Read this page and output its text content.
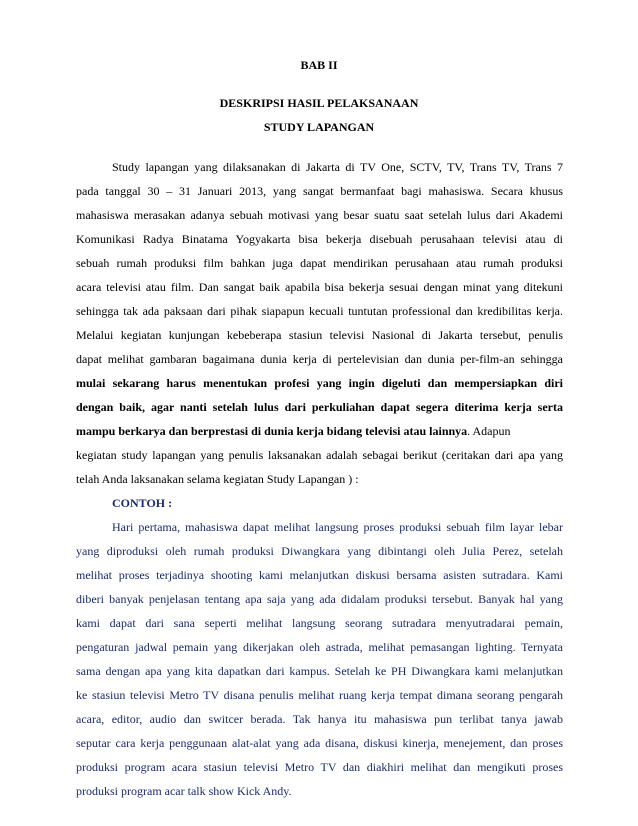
BAB II
DESKRIPSI HASIL PELAKSANAAN
STUDY LAPANGAN
Study lapangan yang dilaksanakan di Jakarta di TV One, SCTV, TV, Trans TV, Trans 7
pada tanggal 30 – 31 Januari 2013, yang sangat bermanfaat bagi mahasiswa. Secara khusus
mahasiswa merasakan adanya sebuah motivasi yang besar suatu saat setelah lulus dari Akademi
Komunikasi Radya Binatama Yogyakarta bisa bekerja disebuah perusahaan televisi atau di
sebuah rumah produksi film bahkan juga dapat mendirikan perusahaan atau rumah produksi
acara televisi atau film. Dan sangat baik apabila bisa bekerja sesuai dengan minat yang ditekuni
sehingga tak ada paksaan dari pihak siapapun kecuali tuntutan professional dan kredibilitas kerja.
Melalui kegiatan kunjungan kebeberapa stasiun televisi Nasional di Jakarta tersebut, penulis
dapat melihat gambaran bagaimana dunia kerja di pertelevisian dan dunia per-film-an sehingga
mulai sekarang harus menentukan profesi yang ingin digeluti dan mempersiapkan diri
dengan baik, agar nanti setelah lulus dari perkuliahan dapat segera diterima kerja serta
mampu berkarya dan berprestasi di dunia kerja bidang televisi atau lainnya. Adapun
kegiatan study lapangan yang penulis laksanakan adalah sebagai berikut (ceritakan dari apa yang
telah Anda laksanakan selama kegiatan Study Lapangan ) :
CONTOH :
Hari pertama, mahasiswa dapat melihat langsung proses produksi sebuah film layar lebar
yang diproduksi oleh rumah produksi Diwangkara yang dibintangi oleh Julia Perez, setelah
melihat proses terjadinya shooting kami melanjutkan diskusi bersama asisten sutradara. Kami
diberi banyak penjelasan tentang apa saja yang ada didalam produksi tersebut. Banyak hal yang
kami dapat dari sana seperti melihat langsung seorang sutradara menyutradarai pemain,
pengaturan jadwal pemain yang dikerjakan oleh astrada, melihat pemasangan lighting. Ternyata
sama dengan apa yang kita dapatkan dari kampus. Setelah ke PH Diwangkara kami melanjutkan
ke stasiun televisi Metro TV disana penulis melihat ruang kerja tempat dimana seorang pengarah
acara, editor, audio dan switcer berada. Tak hanya itu mahasiswa pun terlibat tanya jawab
seputar cara kerja penggunaan alat-alat yang ada disana, diskusi kinerja, menejement, dan proses
produksi program acara stasiun televisi Metro TV dan diakhiri melihat dan mengikuti proses
produksi program acar talk show Kick Andy.
